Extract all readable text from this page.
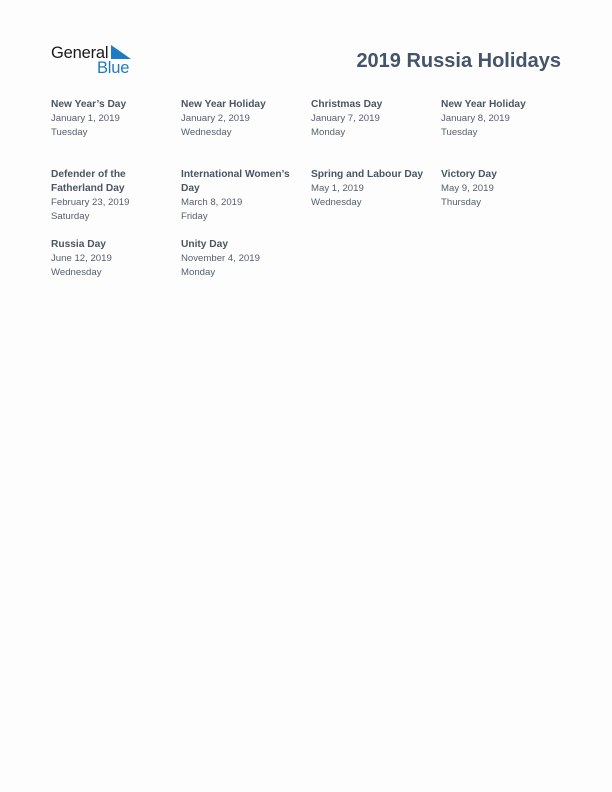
General
Blue	2019 Russia Holidays
New Year’s Day
January 1, 2019
Tuesday
New Year Holiday
January 2, 2019
Wednesday
Christmas Day
January 7, 2019
Monday
New Year Holiday
January 8, 2019
Tuesday
Defender of the Fatherland Day
February 23, 2019
Saturday
International Women’s Day
March 8, 2019
Friday
Spring and Labour Day
May 1, 2019
Wednesday
Victory Day
May 9, 2019
Thursday
Russia Day
June 12, 2019
Wednesday
Unity Day
November 4, 2019
Monday
